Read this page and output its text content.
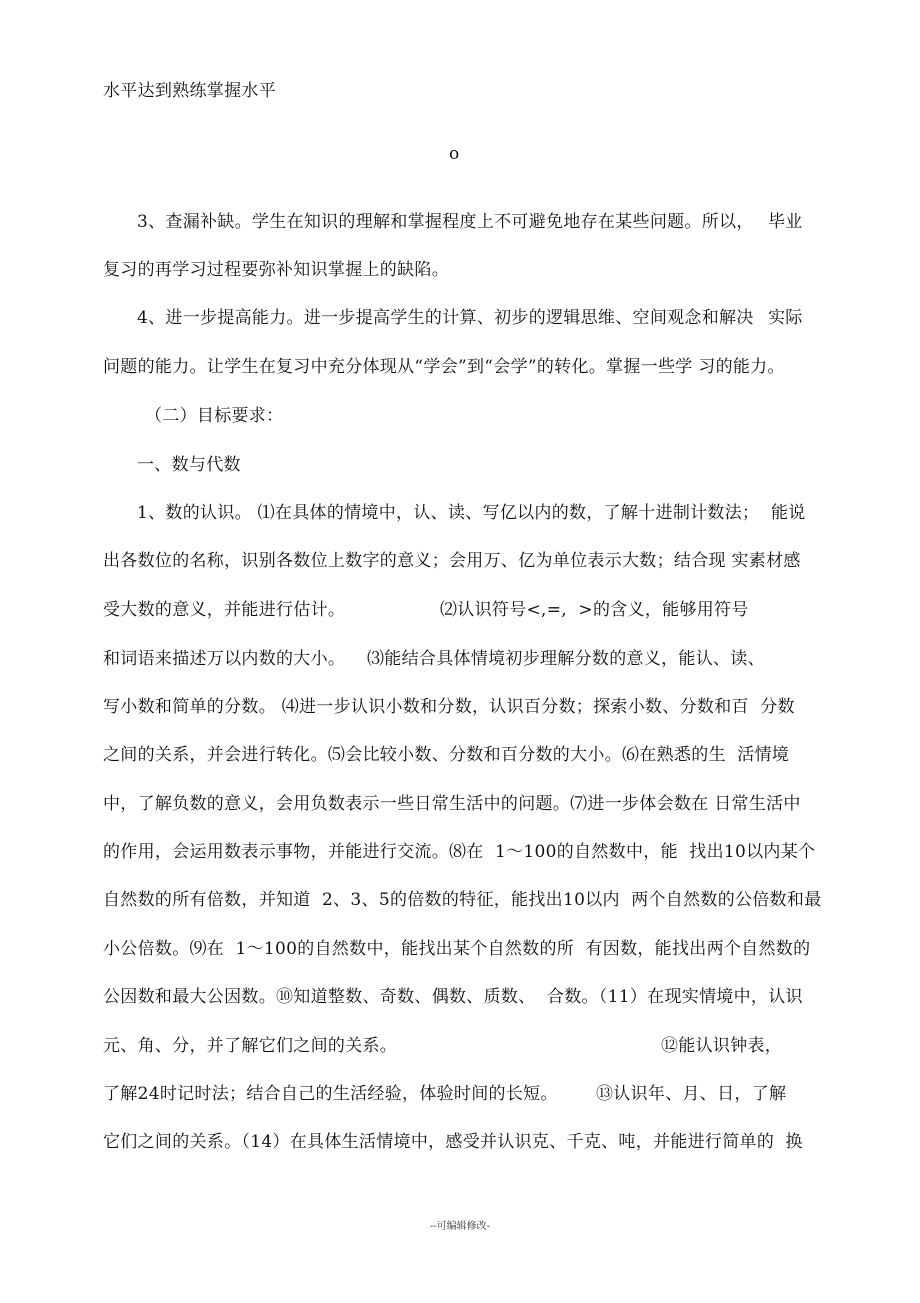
水平达到熟练掌握水平
o
3、查漏补缺。学生在知识的理解和掌握程度上不可避免地存在某些问题。所以， 毕业
复习的再学习过程要弥补知识掌握上的缺陷。
4、进一步提高能力。进一步提高学生的计算、初步的逻辑思维、空间观念和解决 实际
问题的能力。让学生在复习中充分体现从“学会”到“会学”的转化。掌握一些学 习的能力。
（二）目标要求：
一、数与代数
1、数的认识。 ⑴在具体的情境中，认、读、写亿以内的数，了解十进制计数法； 能说
出各数位的名称，识别各数位上数字的意义；会用万、亿为单位表示大数；结合现 实素材感
受大数的意义，并能进行估计。	⑵认识符号<,=,  >的含义，能够用符号
和词语来描述万以内数的大小。 ⑶能结合具体情境初步理解分数的意义，能认、读、
写小数和简单的分数。 ⑷进一步认识小数和分数，认识百分数；探索小数、分数和百  分数
之间的关系，并会进行转化。⑸会比较小数、分数和百分数的大小。⑹在熟悉的生  活情境
中，了解负数的意义，会用负数表示一些日常生活中的问题。⑺进一步体会数在 日常生活中
的作用，会运用数表示事物，并能进行交流。⑻在  1～100的自然数中，能  找出10以内某个
自然数的所有倍数，并知道  2、3、5的倍数的特征，能找出10以内  两个自然数的公倍数和最
小公倍数。⑼在  1～100的自然数中，能找出某个自然数的所  有因数，能找出两个自然数的
公因数和最大公因数。⑩知道整数、奇数、偶数、质数、  合数。（11）在现实情境中，认识
元、角、分，并了解它们之间的关系。	⑫能认识钟表，
了解24时记时法；结合自己的生活经验，体验时间的长短。 ⑬认识年、月、日，了解
它们之间的关系。（14）在具体生活情境中，感受并认识克、千克、吨，并能进行简单的  换
--可编辑修改-
